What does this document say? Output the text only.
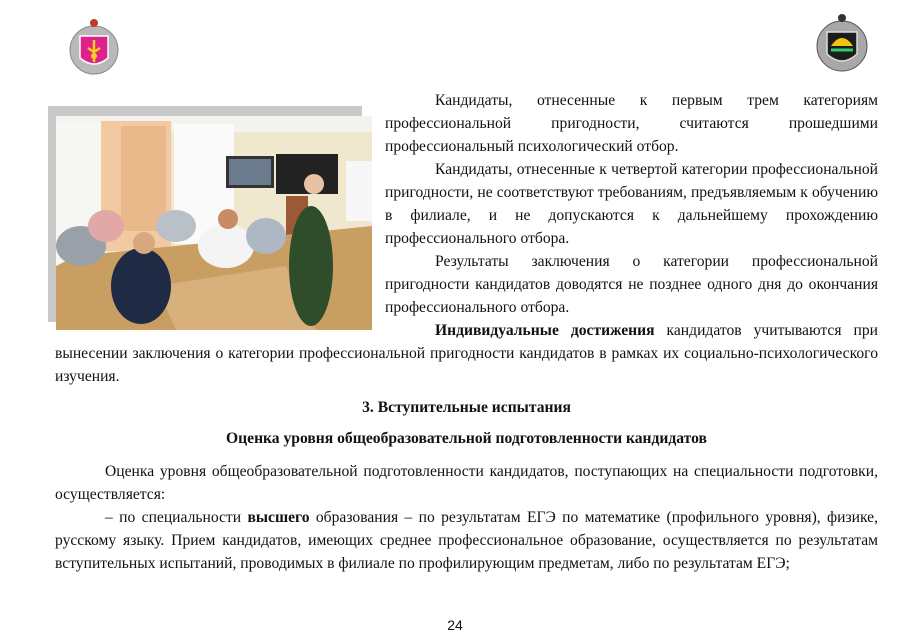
Кандидаты, отнесенные к первым трем категориям профессиональной пригодности, считаются прошедшими профессиональный психологический отбор.

Кандидаты, отнесенные к четвертой категории профессиональной пригодности, не соответствуют требованиям, предъявляемым к обучению в филиале, и не допускаются к дальнейшему прохождению профессионального отбора.

Результаты заключения о категории профессиональной пригодности кандидатов доводятся не позднее одного дня до окончания профессионального отбора.

Индивидуальные достижения кандидатов учитываются при вынесении заключения о категории профессиональной пригодности кандидатов в рамках их социально-психологического изучения.

3. Вступительные испытания

Оценка уровня общеобразовательной подготовленности кандидатов

Оценка уровня общеобразовательной подготовленности кандидатов, поступающих на специальности подготовки, осуществляется:

– по специальности высшего образования – по результатам ЕГЭ по математике (профильного уровня), физике, русскому языку. Прием кандидатов, имеющих среднее профессиональное образование, осуществляется по результатам вступительных испытаний, проводимых в филиале по профилирующим предметам, либо по результатам ЕГЭ;

24
